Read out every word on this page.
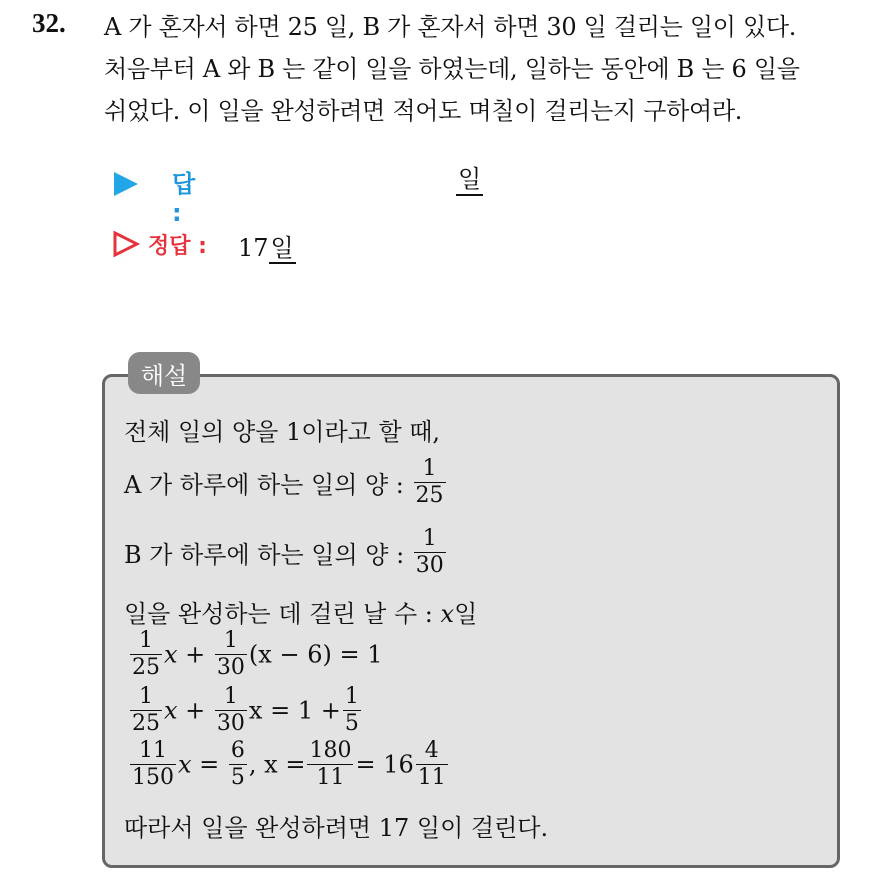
32. A 가 혼자서 하면 25 일, B 가 혼자서 하면 30 일 걸리는 일이 있다.
처음부터 A 와 B 는 같이 일을 하였는데, 일하는 동안에 B 는 6 일을
쉬었다. 이 일을 완성하려면 적어도 며칠이 걸리는지 구하여라.
답 :
일
정답 : 17일
해설
전체 일의 양을 1이라고 할 때,
A 가 하루에 하는 일의 양 : $\frac{1}{25}$
B 가 하루에 하는 일의 양 : $\frac{1}{30}$
일을 완성하는 데 걸린 날 수 : x일
$\frac{1}{25}$ $x + \frac{1}{30} (x - 6) = 1$
$\frac{1}{25}$ $x + \frac{1}{30}$ $x = 1 + \frac{1}{5}$
$\frac{11}{150}$ $x = \frac{6}{5}$ , $x = \frac{180}{11} = 16 \frac{4}{11}$
따라서 일을 완성하려면 17 일이 걸린다.
